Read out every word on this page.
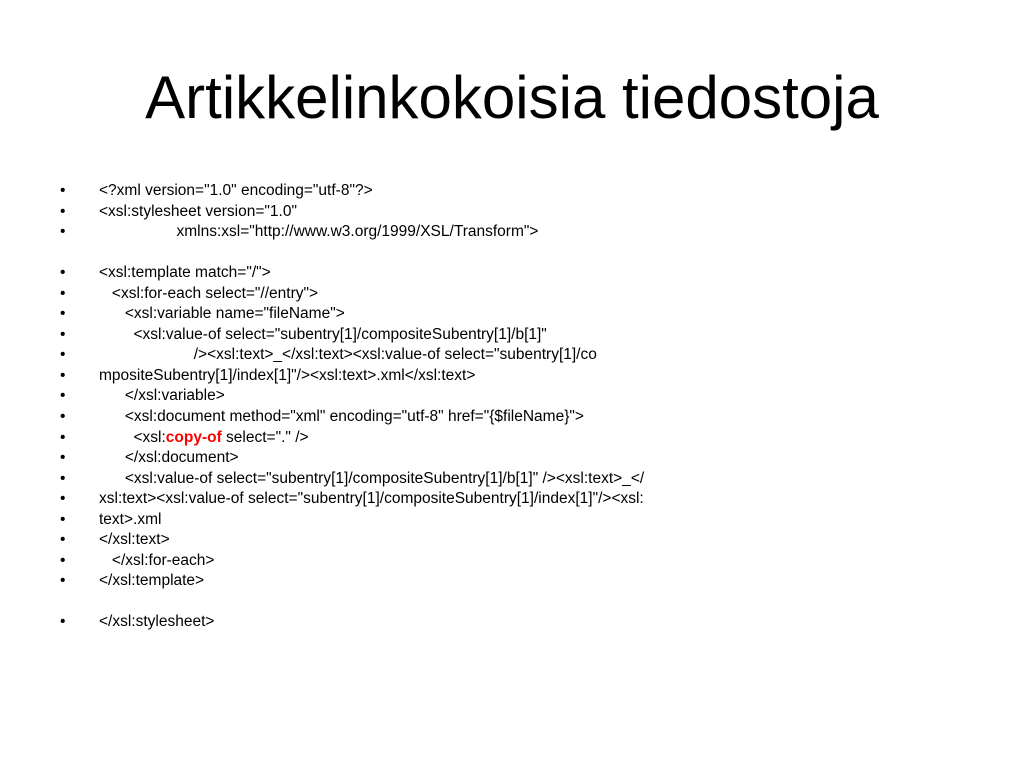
Artikkelinkokoisia tiedostoja
•	<?xml version="1.0" encoding="utf-8"?>
•	<xsl:stylesheet version="1.0"
•	xmlns:xsl="http://www.w3.org/1999/XSL/Transform">
•	<xsl:template match="/">
•	<xsl:for-each select="//entry">
•	<xsl:variable name="fileName">
•	<xsl:value-of select="subentry[1]/compositeSubentry[1]/b[1]"
•	/><xsl:text>_</xsl:text><xsl:value-of select="subentry[1]/co
•	mpositeSubentry[1]/index[1]"/><xsl:text>.xml</xsl:text>
•	</xsl:variable>
•	<xsl:document method="xml" encoding="utf-8" href="{$fileName}">
•	<xsl:copy-of select="." />
•	</xsl:document>
•	<xsl:value-of select="subentry[1]/compositeSubentry[1]/b[1]" /><xsl:text>_</
•	xsl:text><xsl:value-of select="subentry[1]/compositeSubentry[1]/index[1]"/><xsl:
•	text>.xml
•	</xsl:text>
•	</xsl:for-each>
•	</xsl:template>
•	</xsl:stylesheet>
